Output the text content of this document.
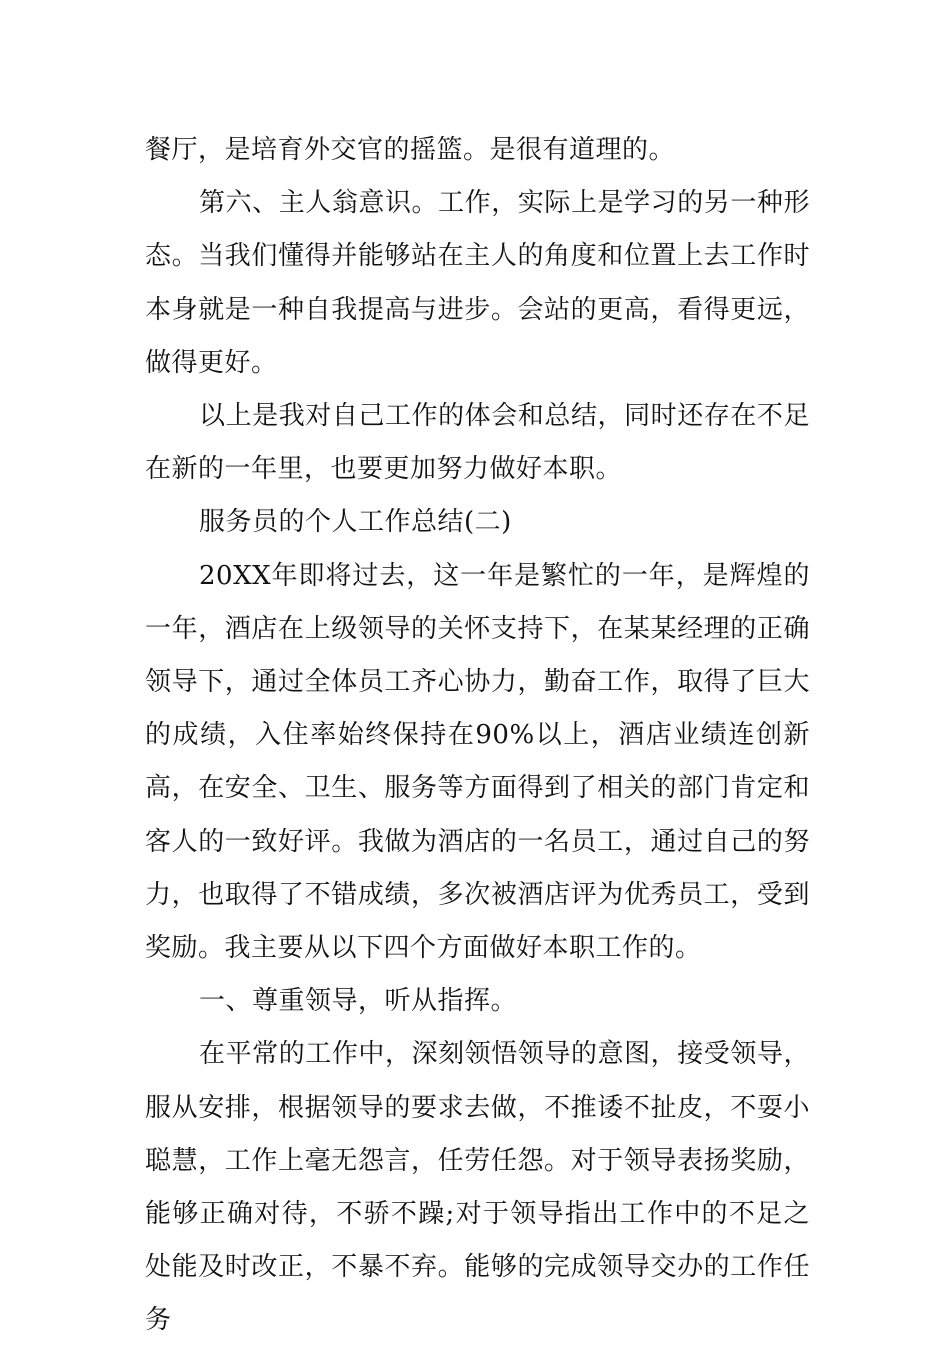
餐厅，是培育外交官的摇篮。是很有道理的。

第六、主人翁意识。工作，实际上是学习的另一种形态。当我们懂得并能够站在主人的角度和位置上去工作时本身就是一种自我提高与进步。会站的更高，看得更远，做得更好。

以上是我对自己工作的体会和总结，同时还存在不足在新的一年里，也要更加努力做好本职。

服务员的个人工作总结(二)

20XX年即将过去，这一年是繁忙的一年，是辉煌的一年，酒店在上级领导的关怀支持下，在某某经理的正确领导下，通过全体员工齐心协力，勤奋工作，取得了巨大的成绩，入住率始终保持在90%以上，酒店业绩连创新高，在安全、卫生、服务等方面得到了相关的部门肯定和客人的一致好评。我做为酒店的一名员工，通过自己的努力，也取得了不错成绩，多次被酒店评为优秀员工，受到奖励。我主要从以下四个方面做好本职工作的。

一、尊重领导，听从指挥。

在平常的工作中，深刻领悟领导的意图，接受领导，服从安排，根据领导的要求去做，不推诿不扯皮，不耍小聪慧，工作上毫无怨言，任劳任怨。对于领导表扬奖励，能够正确对待，不骄不躁;对于领导指出工作中的不足之处能及时改正，不暴不弃。能够的完成领导交办的工作任务
